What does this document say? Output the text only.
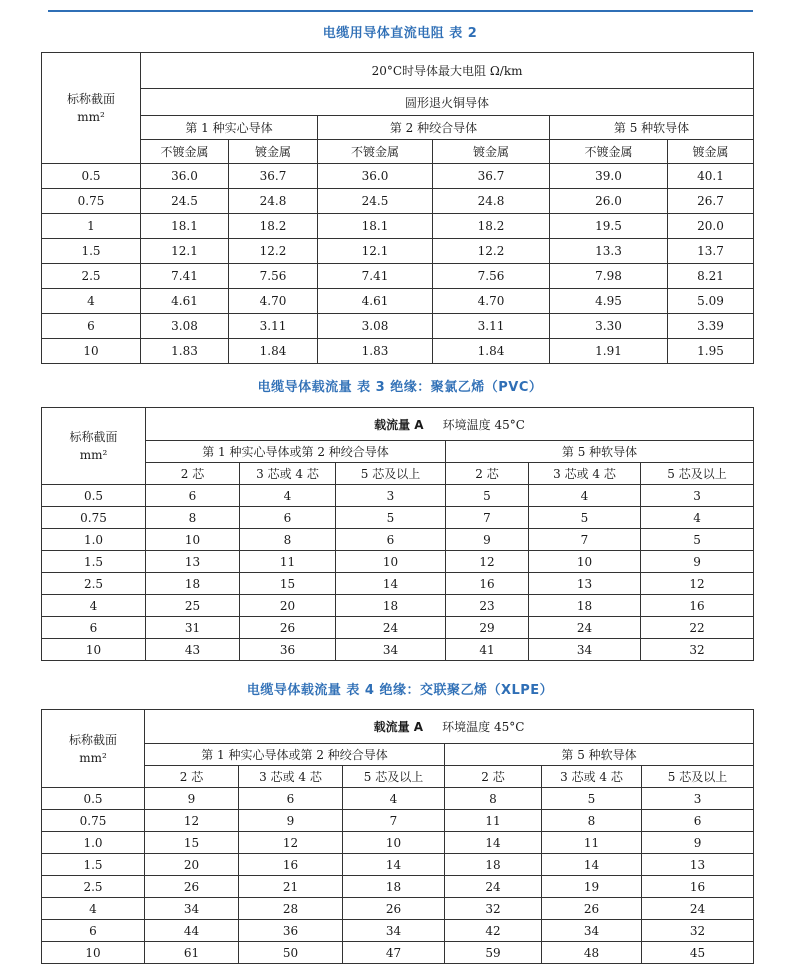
电缆用导体直流电阻 表 2
标称截面
mm²	20°C时导体最大电阻 Ω/km					
	圆形退火铜导体					
	第 1 种实心导体		第 2 种绞合导体		第 5 种软导体	
	不镀金属	镀金属	不镀金属	镀金属	不镀金属	镀金属
0.5	36.0	36.7	36.0	36.7	39.0	40.1
0.75	24.5	24.8	24.5	24.8	26.0	26.7
1	18.1	18.2	18.1	18.2	19.5	20.0
1.5	12.1	12.2	12.1	12.2	13.3	13.7
2.5	7.41	7.56	7.41	7.56	7.98	8.21
4	4.61	4.70	4.61	4.70	4.95	5.09
6	3.08	3.11	3.08	3.11	3.30	3.39
10	1.83	1.84	1.83	1.84	1.91	1.95
电缆导体载流量 表 3 绝缘：聚氯乙烯（PVC）
标称截面
mm²	载流量 A 环境温度 45°C					
	第 1 种实心导体或第 2 种绞合导体			第 5 种软导体		
	2 芯	3 芯或 4 芯	5 芯及以上	2 芯	3 芯或 4 芯	5 芯及以上
0.5	6	4	3	5	4	3
0.75	8	6	5	7	5	4
1.0	10	8	6	9	7	5
1.5	13	11	10	12	10	9
2.5	18	15	14	16	13	12
4	25	20	18	23	18	16
6	31	26	24	29	24	22
10	43	36	34	41	34	32
电缆导体载流量 表 4 绝缘：交联聚乙烯（XLPE）
标称截面
mm²	载流量 A 环境温度 45°C					
	第 1 种实心导体或第 2 种绞合导体			第 5 种软导体		
	2 芯	3 芯或 4 芯	5 芯及以上	2 芯	3 芯或 4 芯	5 芯及以上
0.5	9	6	4	8	5	3
0.75	12	9	7	11	8	6
1.0	15	12	10	14	11	9
1.5	20	16	14	18	14	13
2.5	26	21	18	24	19	16
4	34	28	26	32	26	24
6	44	36	34	42	34	32
10	61	50	47	59	48	45
